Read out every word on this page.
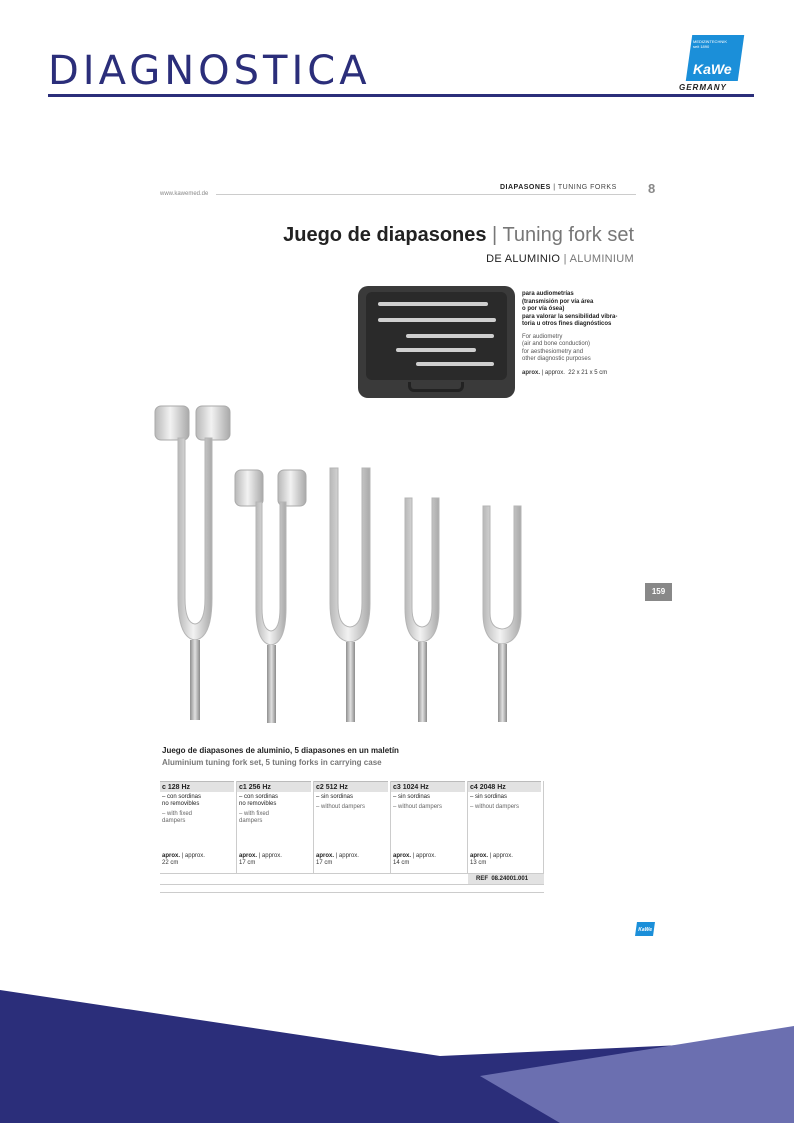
DIAGNOSTICA
MEDIZINTECHNIK
seit 1890
KaWe
GERMANY
www.kawemed.de
DIAPASONES | TUNING FORKS 8
Juego de diapasones | Tuning fork set
DE ALUMINIO | ALUMINIUM
para audiometrías
(transmisión por vía área
o por vía ósea)
para valorar la sensibilidad vibra-
toria u otros fines diagnósticos
For audiometry
(air and bone conduction)
for aesthesiometry and
other diagnostic purposes
aprox. | approx. 22 x 21 x 5 cm
159
Juego de diapasones de aluminio, 5 diapasones en un maletín
Aluminium tuning fork set, 5 tuning forks in carrying case
c 128 Hz
– con sordinas
no removibles
– with fixed
dampers
aprox. | approx.
22 cm
c1 256 Hz
– con sordinas
no removibles
– with fixed
dampers
aprox. | approx.
17 cm
c2 512 Hz
– sin sordinas
– without dampers
aprox. | approx.
17 cm
c3 1024 Hz
– sin sordinas
– without dampers
aprox. | approx.
14 cm
c4 2048 Hz
– sin sordinas
– without dampers
aprox. | approx.
13 cm
REF 08.24001.001
KaWe
